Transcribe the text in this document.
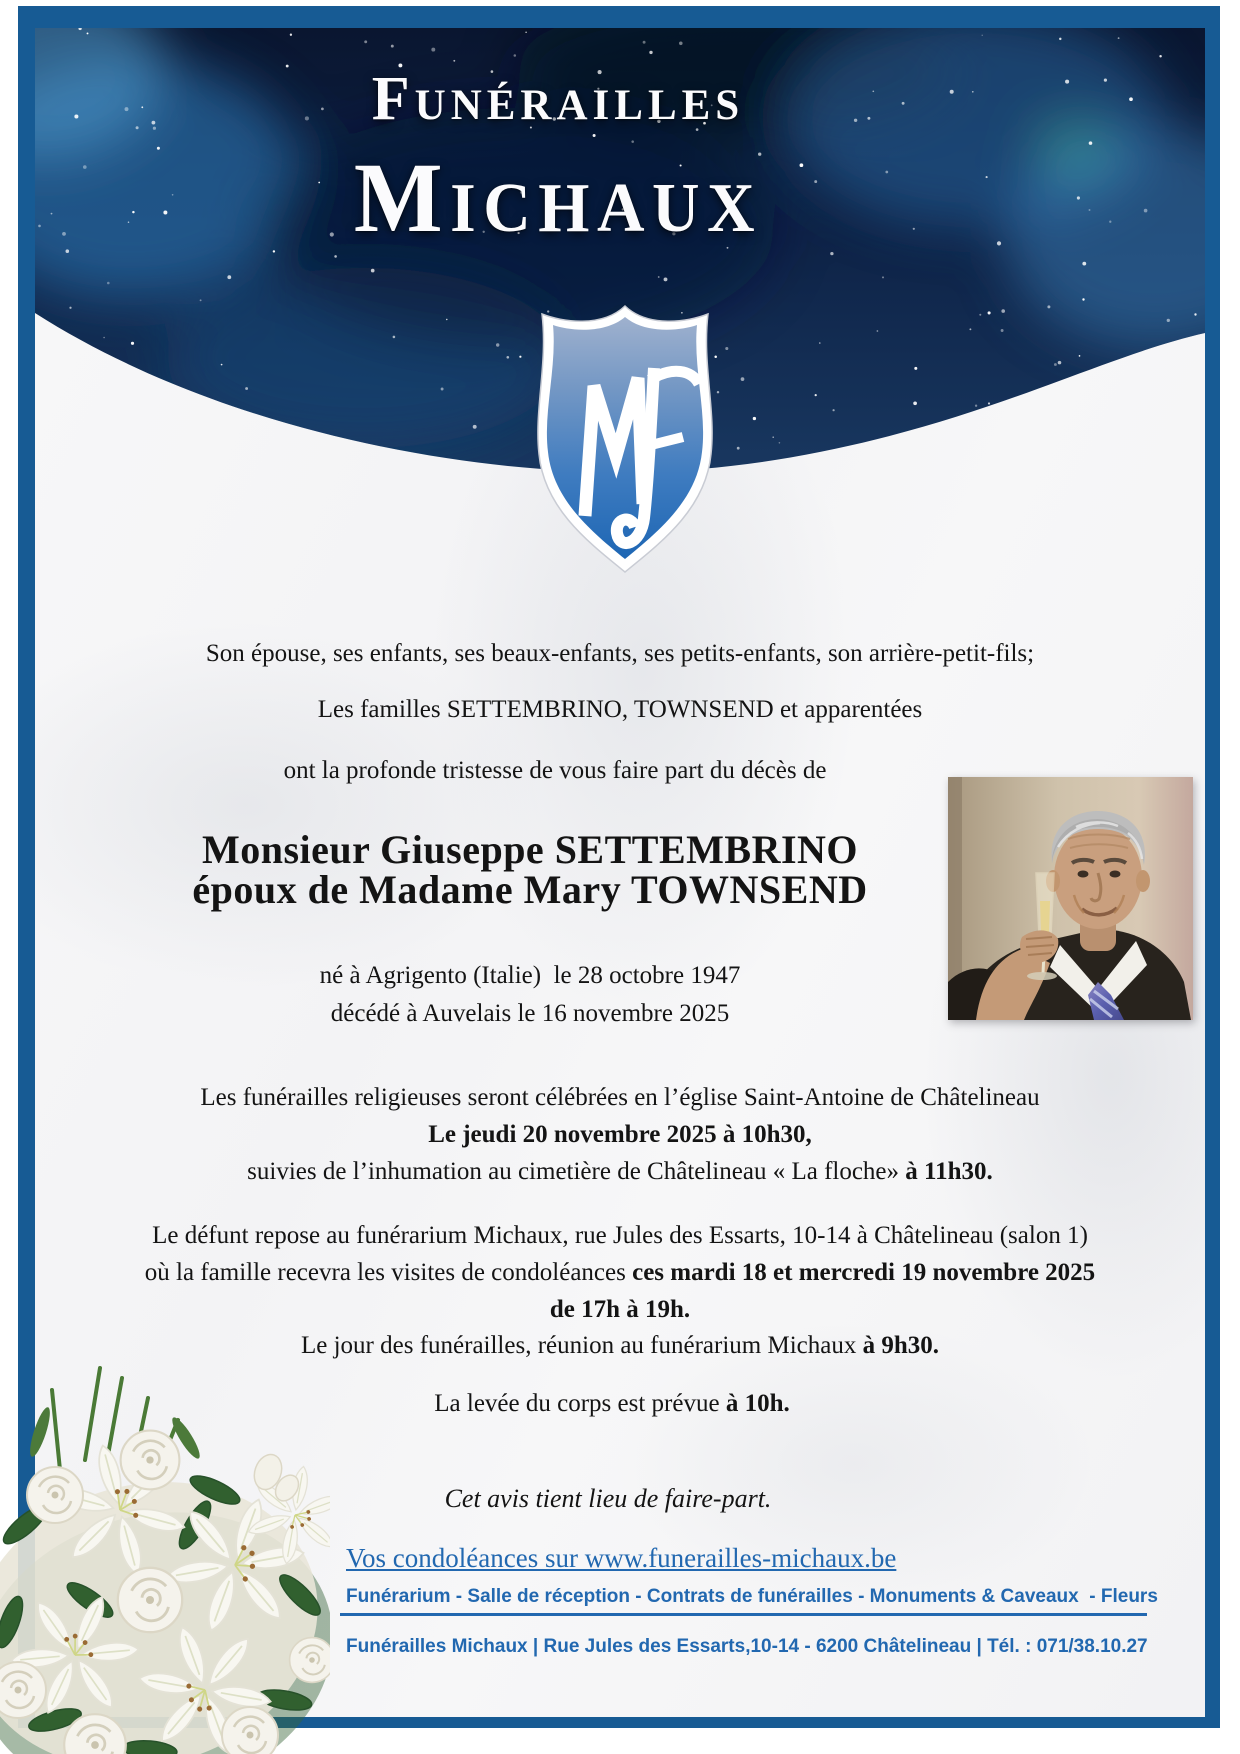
Funérailles
Michaux
Son épouse, ses enfants, ses beaux-enfants, ses petits-enfants, son arrière-petit-fils;
Les familles SETTEMBRINO, TOWNSEND et apparentées
ont la profonde tristesse de vous faire part du décès de
Monsieur Giuseppe SETTEMBRINO
époux de Madame Mary TOWNSEND
né à Agrigento (Italie)  le 28 octobre 1947
décédé à Auvelais le 16 novembre 2025
Les funérailles religieuses seront célébrées en l’église Saint-Antoine de Châtelineau
Le jeudi 20 novembre 2025 à 10h30,
suivies de l’inhumation au cimetière de Châtelineau « La floche» à 11h30.
Le défunt repose au funérarium Michaux, rue Jules des Essarts, 10-14 à Châtelineau (salon 1)
où la famille recevra les visites de condoléances ces mardi 18 et mercredi 19 novembre 2025
de 17h à 19h.
Le jour des funérailles, réunion au funérarium Michaux à 9h30.
La levée du corps est prévue à 10h.
Cet avis tient lieu de faire-part.
Vos condoléances sur www.funerailles-michaux.be
Funérarium - Salle de réception - Contrats de funérailles - Monuments & Caveaux  - Fleurs
Funérailles Michaux | Rue Jules des Essarts,10-14 - 6200 Châtelineau | Tél. : 071/38.10.27
